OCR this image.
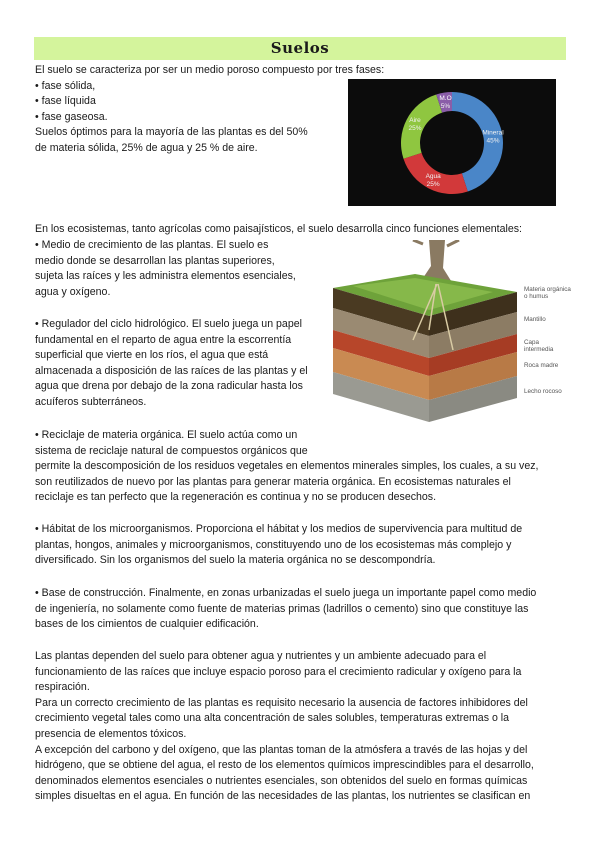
Suelos
El suelo se caracteriza por ser un medio poroso compuesto por tres fases:
• fase sólida,
• fase líquida
• fase gaseosa.
Suelos óptimos para la mayoría de las plantas es del 50%
de materia sólida, 25% de agua y 25 % de aire.
Mineral
45%
Agua
25%
Aire
25%
M.O
5%
En los ecosistemas, tanto agrícolas como paisajísticos, el suelo desarrolla cinco funciones elementales:
• Medio de crecimiento de las plantas. El suelo es
medio donde se desarrollan las plantas superiores,
sujeta las raíces y les administra elementos esenciales,
agua y oxígeno.
• Regulador del ciclo hidrológico. El suelo juega un papel
fundamental en el reparto de agua entre la escorrentía
superficial que vierte en los ríos, el agua que está
almacenada a disposición de las raíces de las plantas y el
agua que drena por debajo de la zona radicular hasta los
acuíferos subterráneos.
Materia orgánica
o humus
Mantillo
Capa
intermedia
Roca madre
Lecho rocoso
• Reciclaje de materia orgánica. El suelo actúa como un
sistema de reciclaje natural de compuestos orgánicos que
permite la descomposición de los residuos vegetales en elementos minerales simples, los cuales, a su vez,
son reutilizados de nuevo por las plantas para generar materia orgánica. En ecosistemas naturales el
reciclaje es tan perfecto que la regeneración es continua y no se producen desechos.
• Hábitat de los microorganismos. Proporciona el hábitat y los medios de supervivencia para multitud de
plantas, hongos, animales y microorganismos, constituyendo uno de los ecosistemas más complejo y
diversificado. Sin los organismos del suelo la materia orgánica no se descompondría.
• Base de construcción. Finalmente, en zonas urbanizadas el suelo juega un importante papel como medio
de ingeniería, no solamente como fuente de materias primas (ladrillos o cemento) sino que constituye las
bases de los cimientos de cualquier edificación.
Las plantas dependen del suelo para obtener agua y nutrientes y un ambiente adecuado para el
funcionamiento de las raíces que incluye espacio poroso para el crecimiento radicular y oxígeno para la
respiración.
Para un correcto crecimiento de las plantas es requisito necesario la ausencia de factores inhibidores del
crecimiento vegetal tales como una alta concentración de sales solubles, temperaturas extremas o la
presencia de elementos tóxicos.
A excepción del carbono y del oxígeno, que las plantas toman de la atmósfera a través de las hojas y del
hidrógeno, que se obtiene del agua, el resto de los elementos químicos imprescindibles para el desarrollo,
denominados elementos esenciales o nutrientes esenciales, son obtenidos del suelo en formas químicas
simples disueltas en el agua. En función de las necesidades de las plantas, los nutrientes se clasifican en
